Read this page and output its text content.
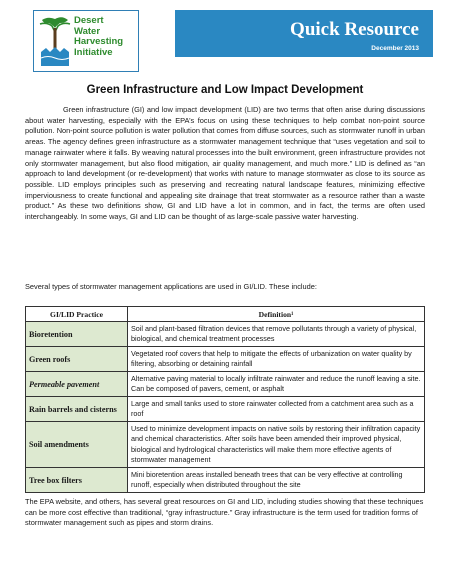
Desert
Water
Harvesting
Initiative
Quick Resource
December 2013
Green Infrastructure and Low Impact Development

Green infrastructure (GI) and low impact development (LID) are two terms that often arise during discussions about water harvesting, especially with the EPA’s focus on using these techniques to help combat non-point source pollution. Non-point source pollution is water pollution that comes from diffuse sources, such as stormwater runoff in urban areas. The agency defines green infrastructure as a stormwater management technique that “uses vegetation and soil to manage rainwater where it falls. By weaving natural processes into the built environment, green infrastructure provides not only stormwater management, but also flood mitigation, air quality management, and much more.” LID is defined as “an approach to land development (or re-development) that works with nature to manage stormwater as close to its source as possible. LID employs principles such as preserving and recreating natural landscape features, minimizing effective imperviousness to create functional and appealing site drainage that treat stormwater as a resource rather than a waste product.” As these two definitions show, GI and LID have a lot in common, and in fact, the terms are often used interchangeably. In some ways, GI and LID can be thought of as large-scale passive water harvesting.

Several types of stormwater management applications are used in GI/LID. These include:

GI/LID Practice	Definition¹
Bioretention	Soil and plant-based filtration devices that remove pollutants through a variety of physical, biological, and chemical treatment processes
Green roofs	Vegetated roof covers that help to mitigate the effects of urbanization on water quality by filtering, absorbing or detaining rainfall
Permeable pavement	Alternative paving material to locally infiltrate rainwater and reduce the runoff leaving a site. Can be composed of pavers, cement, or asphalt
Rain barrels and cisterns	Large and small tanks used to store rainwater collected from a catchment area such as a roof
Soil amendments	Used to minimize development impacts on native soils by restoring their infiltration capacity and chemical characteristics. After soils have been amended their improved physical, biological and hydrological characteristics will make them more effective agents of stormwater management
Tree box filters	Mini bioretention areas installed beneath trees that can be very effective at controlling runoff, especially when distributed throughout the site

The EPA website, and others, has several great resources on GI and LID, including studies showing that these techniques can be more cost effective than traditional, “gray infrastructure.” Gray infrastructure is the term used for tradition forms of stormwater management such as pipes and storm drains.
